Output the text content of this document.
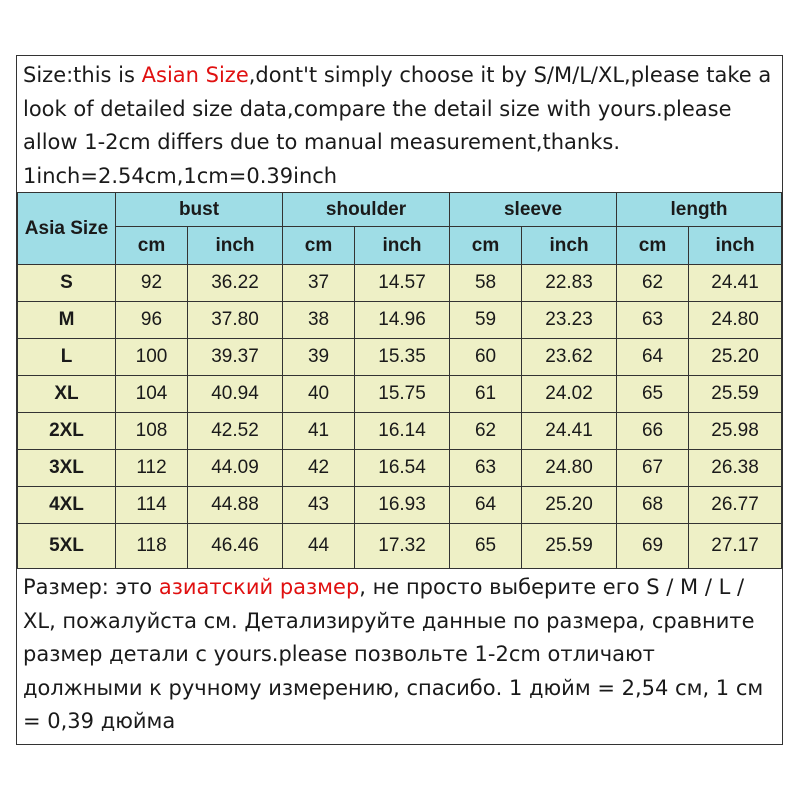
Size:this is Asian Size,dont't simply choose it by S/M/L/XL,please take a look of detailed size data,compare the detail size with yours.please allow 1-2cm differs due to manual measurement,thanks. 1inch=2.54cm,1cm=0.39inch
Asia Size	bust		shoulder		sleeve		length	
	cm	inch	cm	inch	cm	inch	cm	inch
S	92	36.22	37	14.57	58	22.83	62	24.41
M	96	37.80	38	14.96	59	23.23	63	24.80
L	100	39.37	39	15.35	60	23.62	64	25.20
XL	104	40.94	40	15.75	61	24.02	65	25.59
2XL	108	42.52	41	16.14	62	24.41	66	25.98
3XL	112	44.09	42	16.54	63	24.80	67	26.38
4XL	114	44.88	43	16.93	64	25.20	68	26.77
5XL	118	46.46	44	17.32	65	25.59	69	27.17
Размер: это азиатский размер, не просто выберите его S / M / L / XL, пожалуйста см. Детализируйте данные по размера, сравните размер детали с yours.please позвольте 1-2cm отличают должными к ручному измерению, спасибо. 1 дюйм = 2,54 см, 1 см = 0,39 дюйма
